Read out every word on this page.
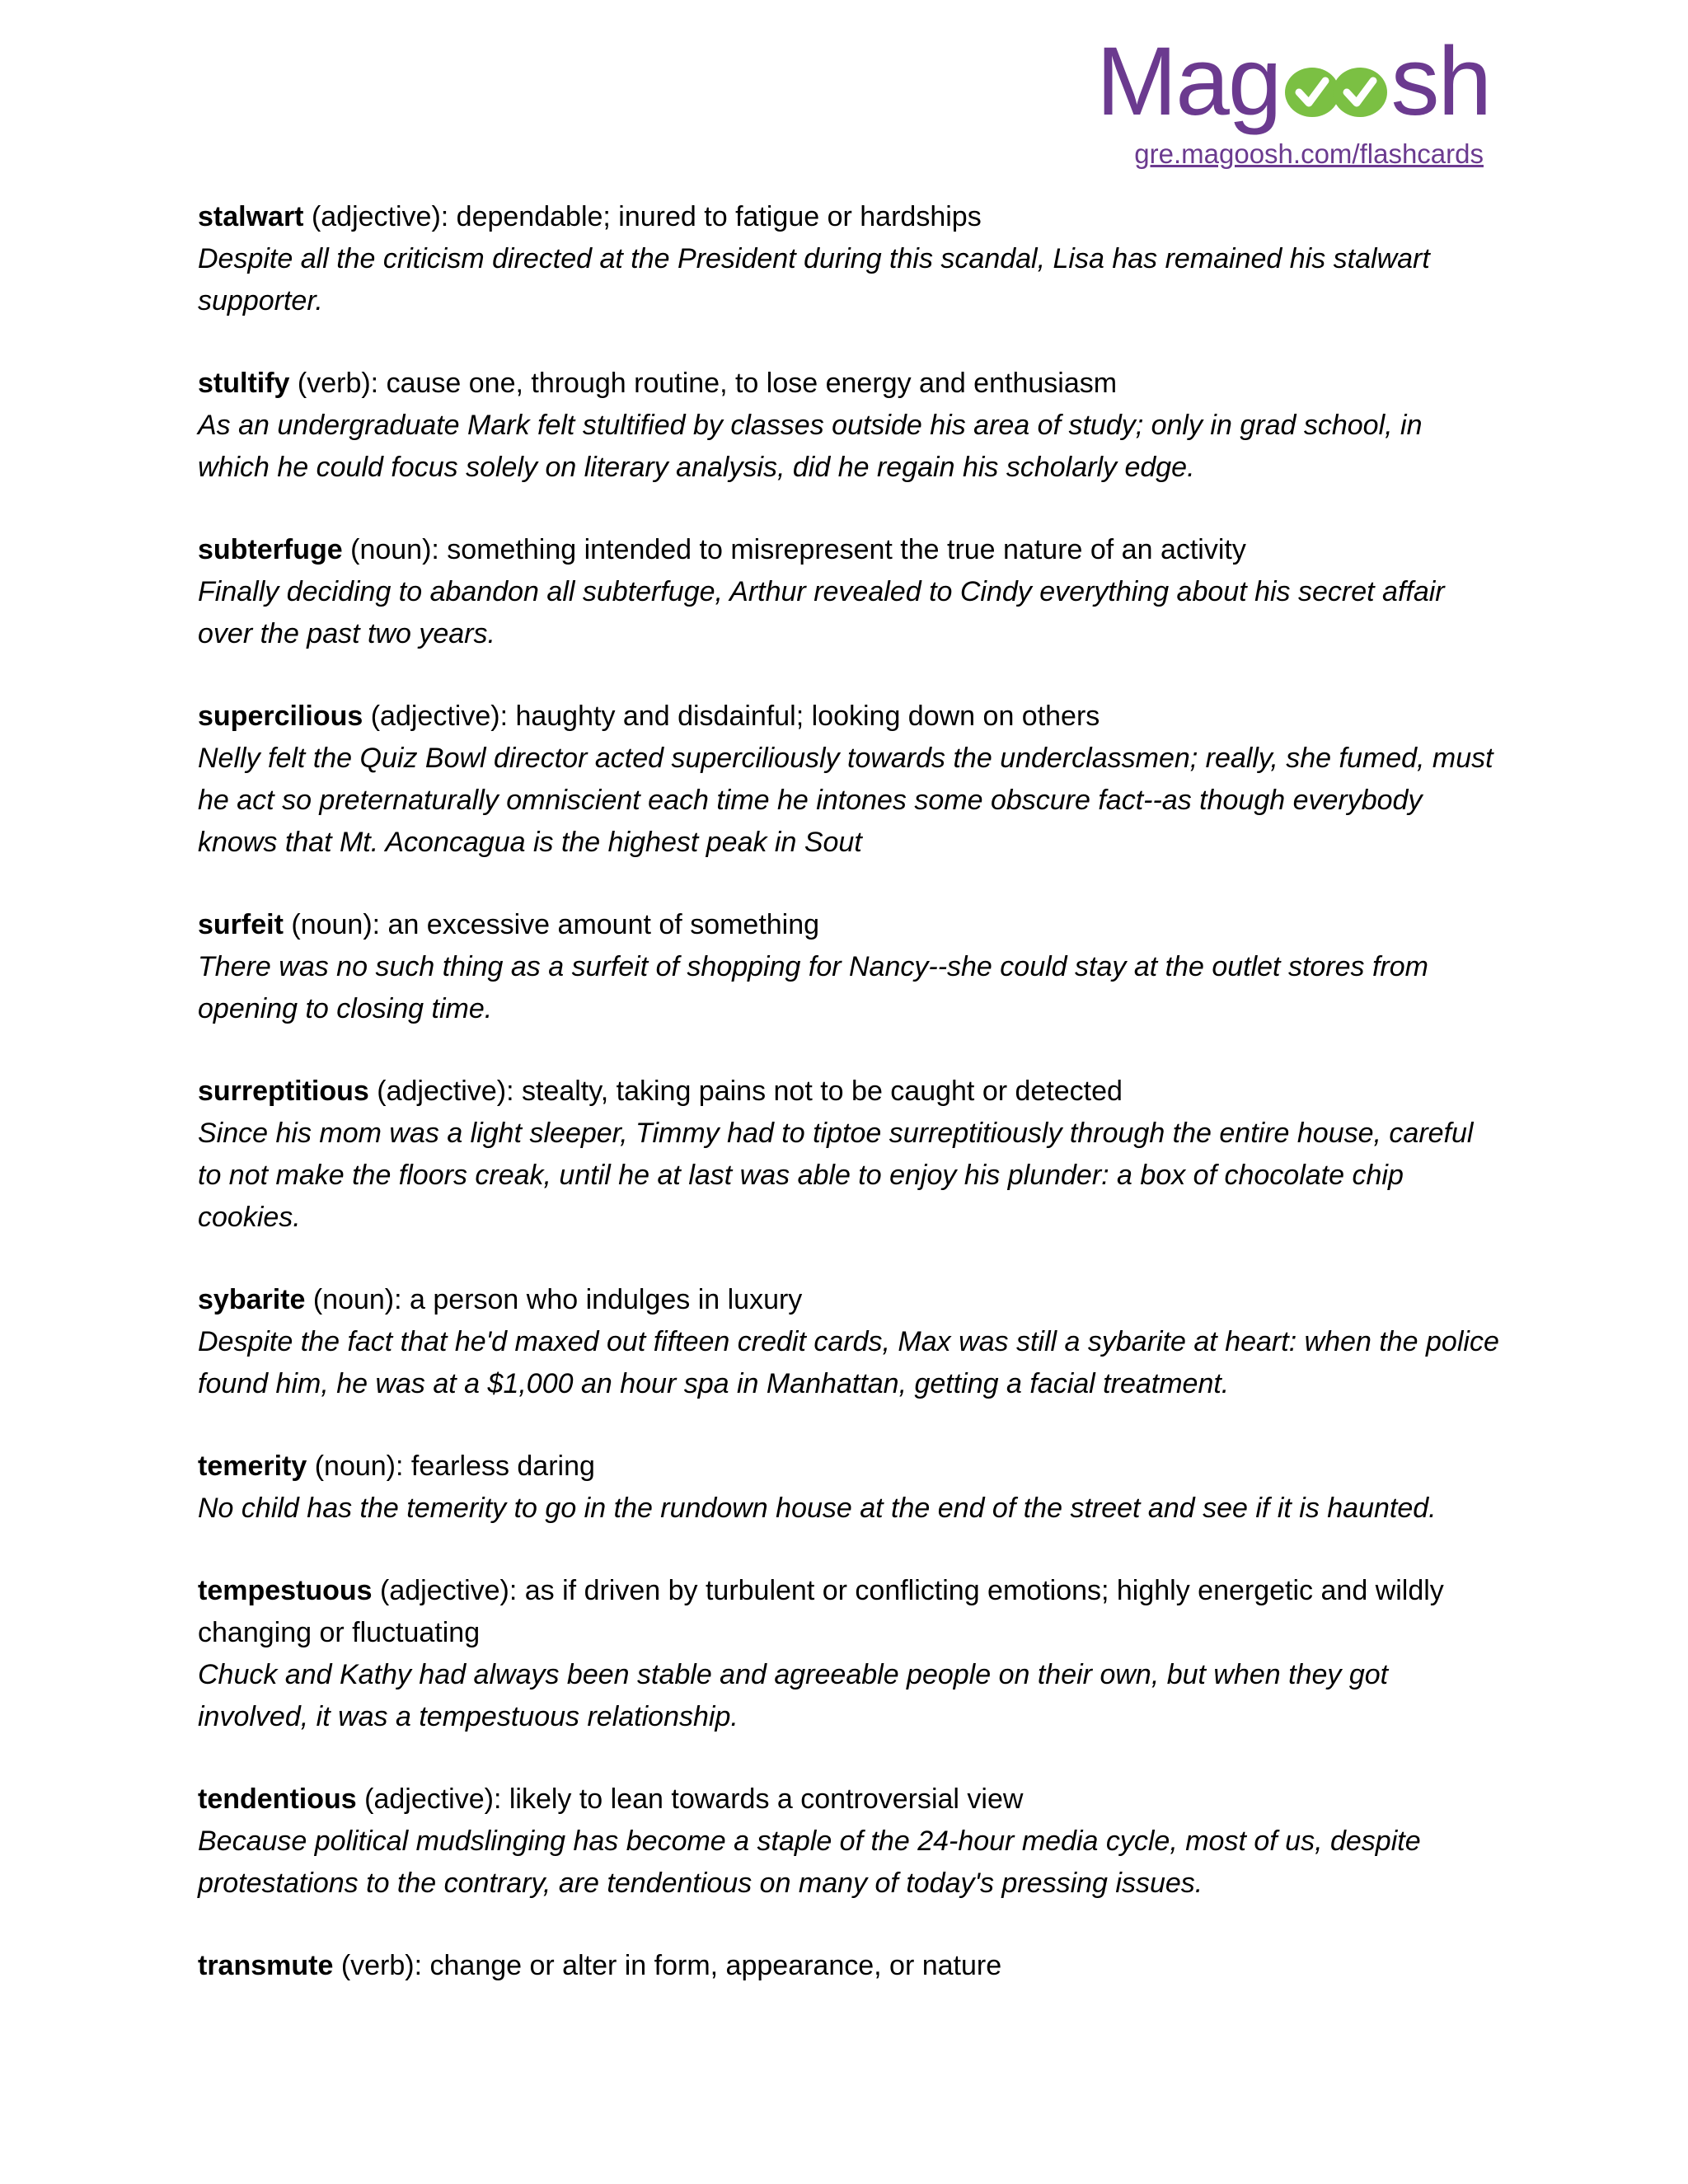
Mag sh
gre.magoosh.com/flashcards

stalwart (adjective): dependable; inured to fatigue or hardships

Despite all the criticism directed at the President during this scandal, Lisa has remained his stalwart supporter.

stultify (verb): cause one, through routine, to lose energy and enthusiasm

As an undergraduate Mark felt stultified by classes outside his area of study; only in grad school, in which he could focus solely on literary analysis, did he regain his scholarly edge.

subterfuge (noun): something intended to misrepresent the true nature of an activity

Finally deciding to abandon all subterfuge, Arthur revealed to Cindy everything about his secret affair over the past two years.

supercilious (adjective): haughty and disdainful; looking down on others

Nelly felt the Quiz Bowl director acted superciliously towards the underclassmen; really, she fumed, must he act so preternaturally omniscient each time he intones some obscure fact--as though everybody knows that Mt. Aconcagua is the highest peak in Sout

surfeit (noun): an excessive amount of something

There was no such thing as a surfeit of shopping for Nancy--she could stay at the outlet stores from opening to closing time.

surreptitious (adjective): stealty, taking pains not to be caught or detected

Since his mom was a light sleeper, Timmy had to tiptoe surreptitiously through the entire house, careful to not make the floors creak, until he at last was able to enjoy his plunder: a box of chocolate chip cookies.

sybarite (noun): a person who indulges in luxury

Despite the fact that he'd maxed out fifteen credit cards, Max was still a sybarite at heart: when the police found him, he was at a $1,000 an hour spa in Manhattan, getting a facial treatment.

temerity (noun): fearless daring

No child has the temerity to go in the rundown house at the end of the street and see if it is haunted.

tempestuous (adjective): as if driven by turbulent or conflicting emotions; highly energetic and wildly changing or fluctuating

Chuck and Kathy had always been stable and agreeable people on their own, but when they got involved, it was a tempestuous relationship.

tendentious (adjective): likely to lean towards a controversial view

Because political mudslinging has become a staple of the 24-hour media cycle, most of us, despite protestations to the contrary, are tendentious on many of today's pressing issues.

transmute (verb): change or alter in form, appearance, or nature
